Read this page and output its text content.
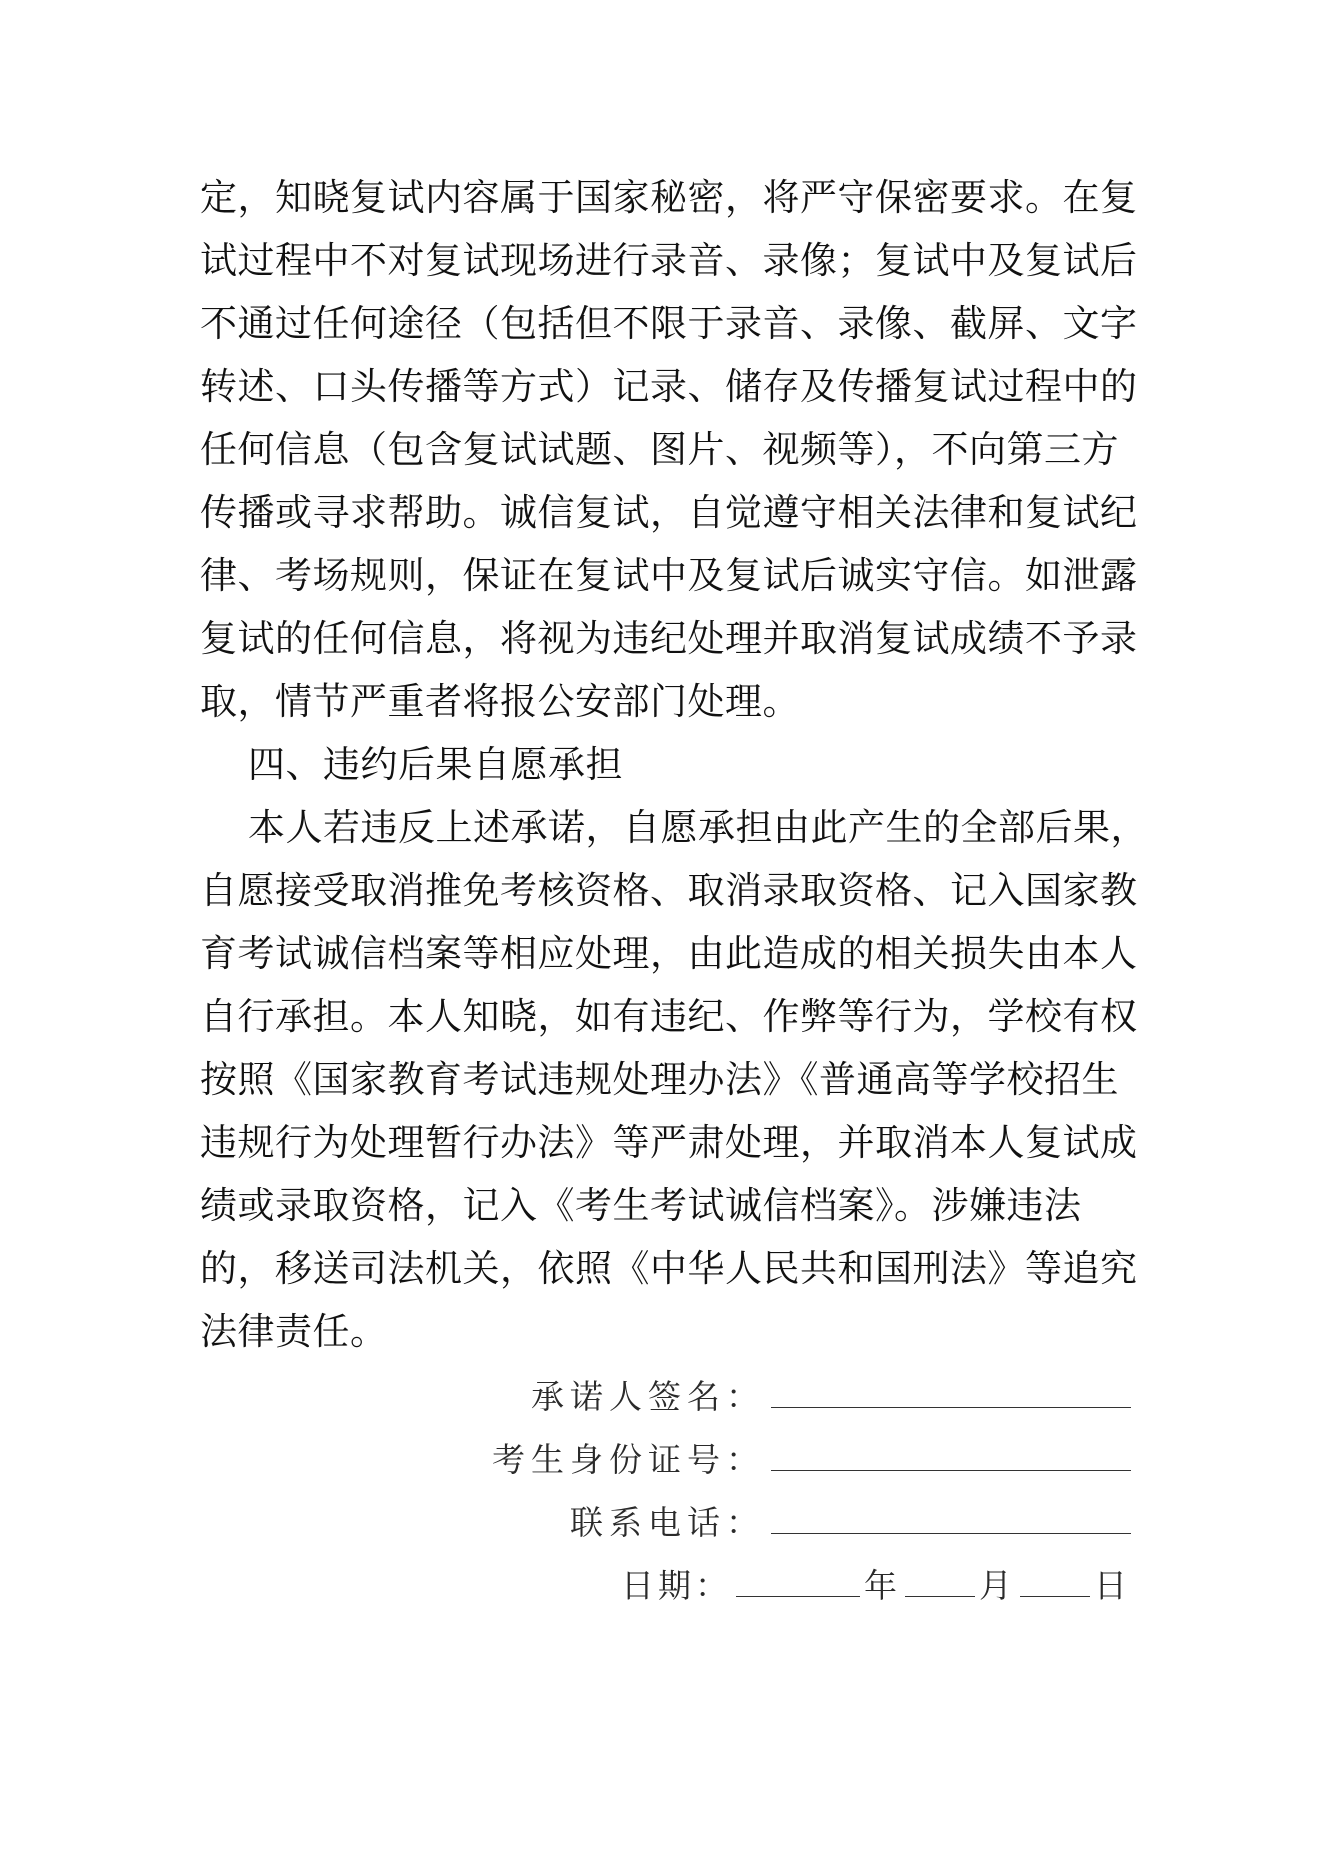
定，知晓复试内容属于国家秘密，将严守保密要求。在复
试过程中不对复试现场进行录音、录像；复试中及复试后
不通过任何途径（包括但不限于录音、录像、截屏、文字
转述、口头传播等方式）记录、储存及传播复试过程中的
任何信息（包含复试试题、图片、视频等），不向第三方
传播或寻求帮助。诚信复试，自觉遵守相关法律和复试纪
律、考场规则，保证在复试中及复试后诚实守信。如泄露
复试的任何信息，将视为违纪处理并取消复试成绩不予录
取，情节严重者将报公安部门处理。
四、违约后果自愿承担
本人若违反上述承诺，自愿承担由此产生的全部后果，
自愿接受取消推免考核资格、取消录取资格、记入国家教
育考试诚信档案等相应处理，由此造成的相关损失由本人
自行承担。本人知晓，如有违纪、作弊等行为，学校有权
按照《国家教育考试违规处理办法》《普通高等学校招生
违规行为处理暂行办法》等严肃处理，并取消本人复试成
绩或录取资格，记入《考生考试诚信档案》。涉嫌违法
的，移送司法机关，依照《中华人民共和国刑法》等追究
法律责任。
承诺人签名：
考生身份证号：
联系电话：
日期：	年 月 日
